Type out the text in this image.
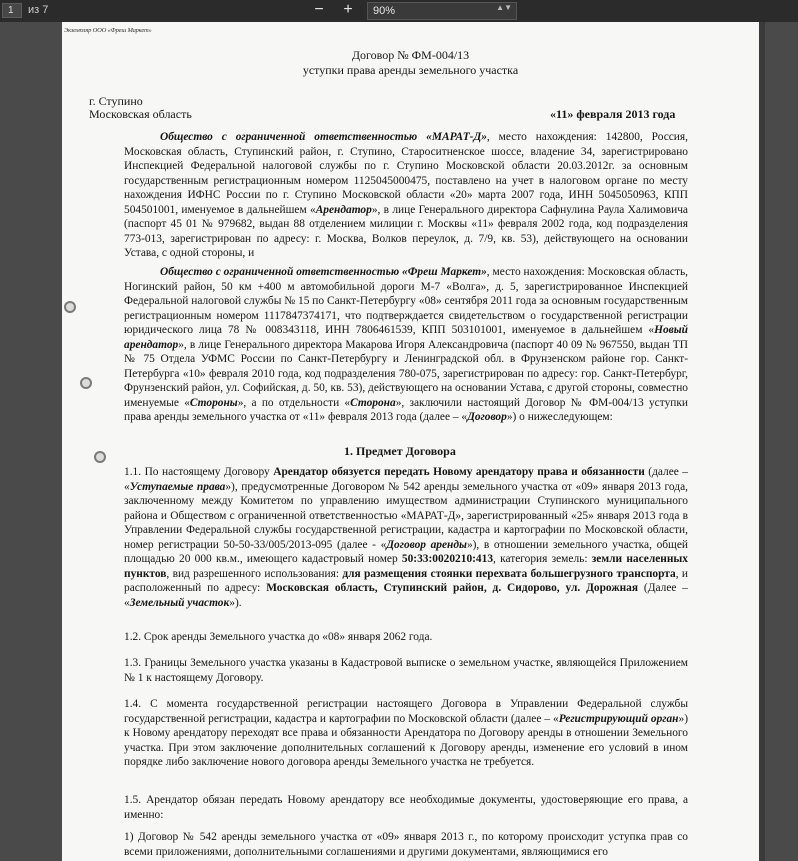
1	из 7	−	+	90%	▲▼
Экземпляр ООО «Фреш Маркет»
Договор № ФМ-004/13
уступки права аренды земельного участка
г. Ступино
Московская область	«11» февраля 2013 года
Общество с ограниченной ответственностью «МАРАТ-Д», место нахождения: 142800, Россия, Московская область, Ступинский район, г. Ступино, Староситненское шоссе, владение 34, зарегистрировано Инспекцией Федеральной налоговой службы по г. Ступино Московской области 20.03.2012г. за основным государственным регистрационным номером 1125045000475, поставлено на учет в налоговом органе по месту нахождения ИФНС России по г. Ступино Московской области «20» марта 2007 года, ИНН 5045050963, КПП 504501001, именуемое в дальнейшем «Арендатор», в лице Генерального директора Сафнулина Раула Халимовича (паспорт 45 01 № 979682, выдан 88 отделением милиции г. Москвы «11» февраля 2002 года, код подразделения 773-013, зарегистрирован по адресу: г. Москва, Волков переулок, д. 7/9, кв. 53), действующего на основании Устава, с одной стороны, и
Общество с ограниченной ответственностью «Фреш Маркет», место нахождения: Московская область, Ногинский район, 50 км +400 м автомобильной дороги М-7 «Волга», д. 5, зарегистрированное Инспекцией Федеральной налоговой службы № 15 по Санкт-Петербургу «08» сентября 2011 года за основным государственным регистрационным номером 1117847374171, что подтверждается свидетельством о государственной регистрации юридического лица 78 № 008343118, ИНН 7806461539, КПП 503101001, именуемое в дальнейшем «Новый арендатор», в лице Генерального директора Макарова Игоря Александровича (паспорт 40 09 № 967550, выдан ТП № 75 Отдела УФМС России по Санкт-Петербургу и Ленинградской обл. в Фрунзенском районе гор. Санкт-Петербурга «10» февраля 2010 года, код подразделения 780-075, зарегистрирован по адресу: гор. Санкт-Петербург, Фрунзенский район, ул. Софийская, д. 50, кв. 53), действующего на основании Устава, с другой стороны, совместно именуемые «Стороны», а по отдельности «Сторона», заключили настоящий Договор № ФМ-004/13 уступки права аренды земельного участка от «11» февраля 2013 года (далее – «Договор») о нижеследующем:
1. Предмет Договора
1.1. По настоящему Договору Арендатор обязуется передать Новому арендатору права и обязанности (далее – «Уступаемые права»), предусмотренные Договором № 542 аренды земельного участка от «09» января 2013 года, заключенному между Комитетом по управлению имуществом администрации Ступинского муниципального района и Обществом с ограниченной ответственностью «МАРАТ-Д», зарегистрированный «25» января 2013 года в Управлении Федеральной службы государственной регистрации, кадастра и картографии по Московской области, номер регистрации 50-50-33/005/2013-095 (далее - «Договор аренды»), в отношении земельного участка, общей площадью 20 000 кв.м., имеющего кадастровый номер 50:33:0020210:413, категория земель: земли населенных пунктов, вид разрешенного использования: для размещения стоянки перехвата большегрузного транспорта, и расположенный по адресу: Московская область, Ступинский район, д. Сидорово, ул. Дорожная (Далее – «Земельный участок»).
1.2. Срок аренды Земельного участка до «08» января 2062 года.
1.3. Границы Земельного участка указаны в Кадастровой выписке о земельном участке, являющейся Приложением № 1 к настоящему Договору.
1.4. С момента государственной регистрации настоящего Договора в Управлении Федеральной службы государственной регистрации, кадастра и картографии по Московской области (далее – «Регистрирующий орган») к Новому арендатору переходят все права и обязанности Арендатора по Договору аренды в отношении Земельного участка. При этом заключение дополнительных соглашений к Договору аренды, изменение его условий в ином порядке либо заключение нового договора аренды Земельного участка не требуется.
1.5. Арендатор обязан передать Новому арендатору все необходимые документы, удостоверяющие его права, а именно:
1) Договор № 542 аренды земельного участка от «09» января 2013 г., по которому происходит уступка прав со всеми приложениями, дополнительными соглашениями и другими документами, являющимися его
